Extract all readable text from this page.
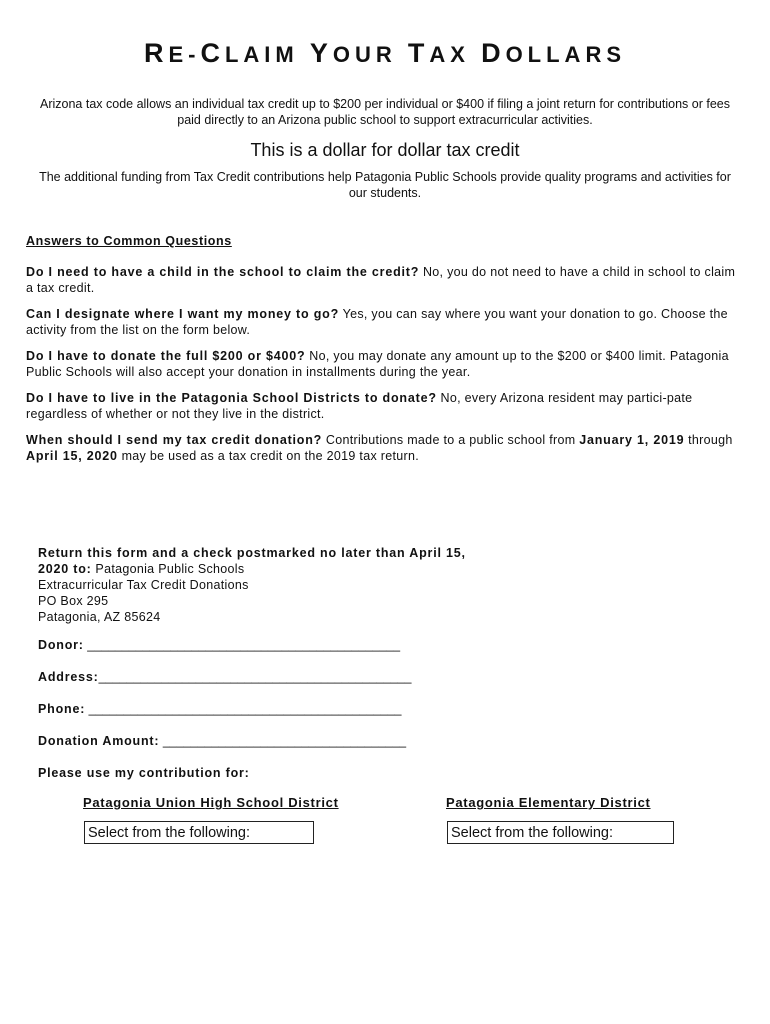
RE-CLAIM YOUR TAX DOLLARS

Arizona tax code allows an individual tax credit up to $200 per individual or $400 if filing a joint return for contributions or fees paid directly to an Arizona public school to support extracurricular activities.

This is a dollar for dollar tax credit

The additional funding from Tax Credit contributions help Patagonia Public Schools provide quality programs and activities for our students.

Answers to Common Questions

Do I need to have a child in the school to claim the credit? No, you do not need to have a child in school to claim a tax credit.

Can I designate where I want my money to go? Yes, you can say where you want your donation to go. Choose the activity from the list on the form below.

Do I have to donate the full $200 or $400? No, you may donate any amount up to the $200 or $400 limit. Patagonia Public Schools will also accept your donation in installments during the year.

Do I have to live in the Patagonia School Districts to donate? No, every Arizona resident may partici-pate regardless of whether or not they live in the district.

When should I send my tax credit donation? Contributions made to a public school from January 1, 2019 through April 15, 2020 may be used as a tax credit on the 2019 tax return.

Return this form and a check postmarked no later than April 15, 2020 to: Patagonia Public Schools
Extracurricular Tax Credit Donations
PO Box 295
Patagonia, AZ 85624
Donor: _____________________________________________
Address:_____________________________________________
Phone: _____________________________________________
Donation Amount: ___________________________________

Please use my contribution for:

Patagonia Union High School District	Patagonia Elementary District

Select from the following:	Select from the following:
